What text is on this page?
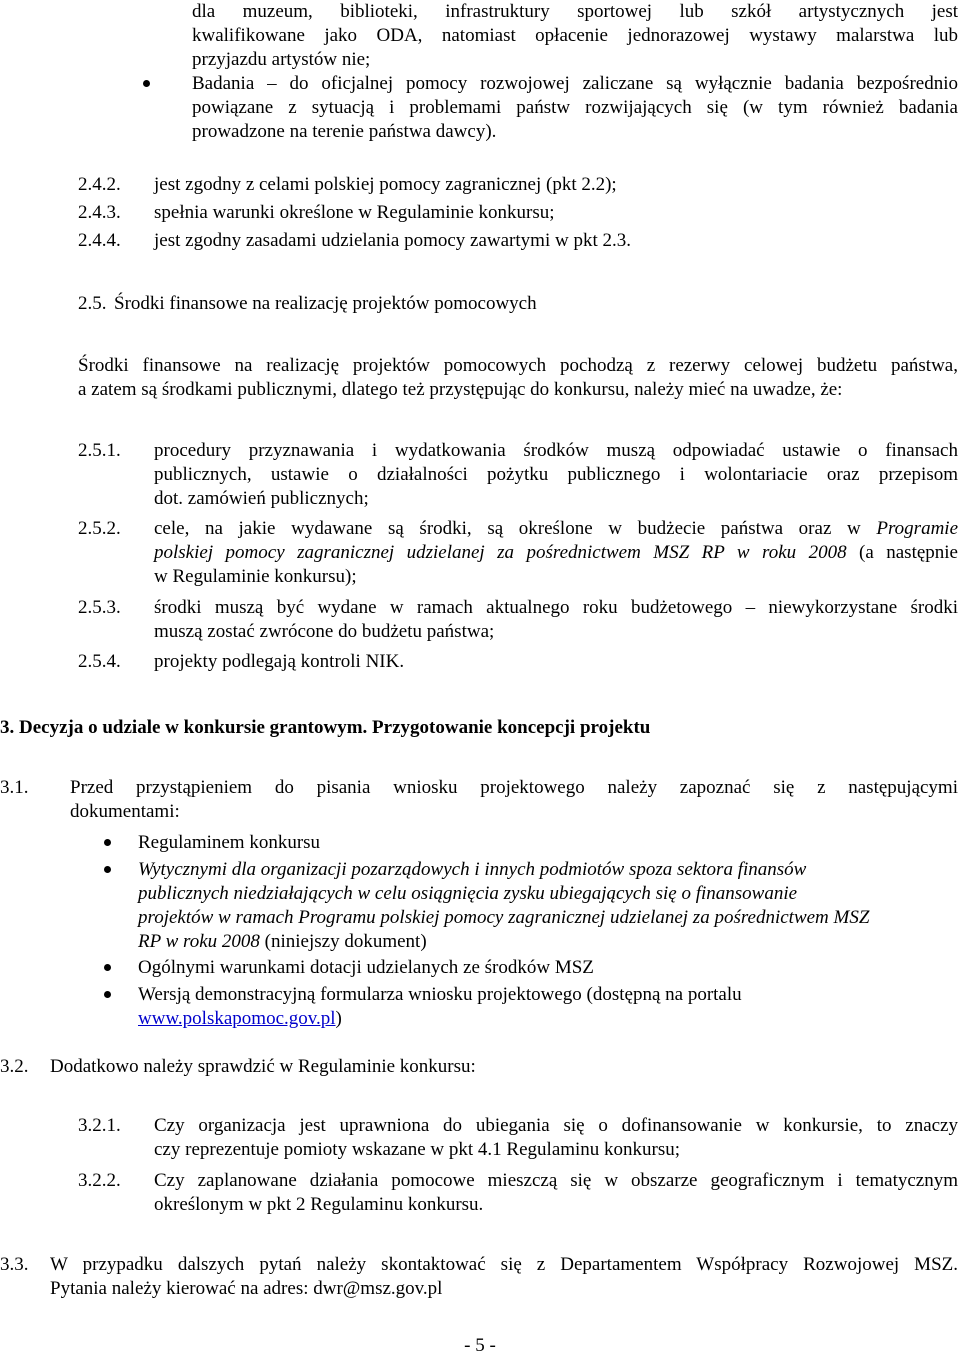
dla muzeum, biblioteki, infrastruktury sportowej lub szkół artystycznych jest
kwalifikowane jako ODA, natomiast opłacenie jednorazowej wystawy malarstwa lub
przyjazdu artystów nie;
Badania – do oficjalnej pomocy rozwojowej zaliczane są wyłącznie badania bezpośrednio
powiązane z sytuacją i problemami państw rozwijających się (w tym również badania
prowadzone na terenie państwa dawcy).
2.4.2. jest zgodny z celami polskiej pomocy zagranicznej (pkt 2.2);
2.4.3. spełnia warunki określone w Regulaminie konkursu;
2.4.4. jest zgodny zasadami udzielania pomocy zawartymi w pkt 2.3.
2.5. Środki finansowe na realizację projektów pomocowych
Środki finansowe na realizację projektów pomocowych pochodzą z rezerwy celowej budżetu państwa,
a zatem są środkami publicznymi, dlatego też przystępując do konkursu, należy mieć na uwadze, że:
2.5.1. procedury przyznawania i wydatkowania środków muszą odpowiadać ustawie o finansach
publicznych, ustawie o działalności pożytku publicznego i wolontariacie oraz przepisom
dot. zamówień publicznych;
2.5.2. cele, na jakie wydawane są środki, są określone w budżecie państwa oraz w Programie
polskiej pomocy zagranicznej udzielanej za pośrednictwem MSZ RP w roku 2008 (a następnie
w Regulaminie konkursu);
2.5.3. środki muszą być wydane w ramach aktualnego roku budżetowego – niewykorzystane środki
muszą zostać zwrócone do budżetu państwa;
2.5.4. projekty podlegają kontroli NIK.
3. Decyzja o udziale w konkursie grantowym. Przygotowanie koncepcji projektu
3.1. Przed przystąpieniem do pisania wniosku projektowego należy zapoznać się z następującymi
dokumentami:
Regulaminem konkursu
Wytycznymi dla organizacji pozarządowych i innych podmiotów spoza sektora finansów
publicznych niedziałających w celu osiągnięcia zysku ubiegających się o finansowanie
projektów w ramach Programu polskiej pomocy zagranicznej udzielanej za pośrednictwem MSZ
RP w roku 2008 (niniejszy dokument)
Ogólnymi warunkami dotacji udzielanych ze środków MSZ
Wersją demonstracyjną formularza wniosku projektowego (dostępną na portalu
www.polskapomoc.gov.pl)
3.2. Dodatkowo należy sprawdzić w Regulaminie konkursu:
3.2.1. Czy organizacja jest uprawniona do ubiegania się o dofinansowanie w konkursie, to znaczy
czy reprezentuje pomioty wskazane w pkt 4.1 Regulaminu konkursu;
3.2.2. Czy zaplanowane działania pomocowe mieszczą się w obszarze geograficznym i tematycznym
określonym w pkt 2 Regulaminu konkursu.
3.3. W przypadku dalszych pytań należy skontaktować się z Departamentem Współpracy Rozwojowej MSZ.
Pytania należy kierować na adres: dwr@msz.gov.pl
- 5 -
